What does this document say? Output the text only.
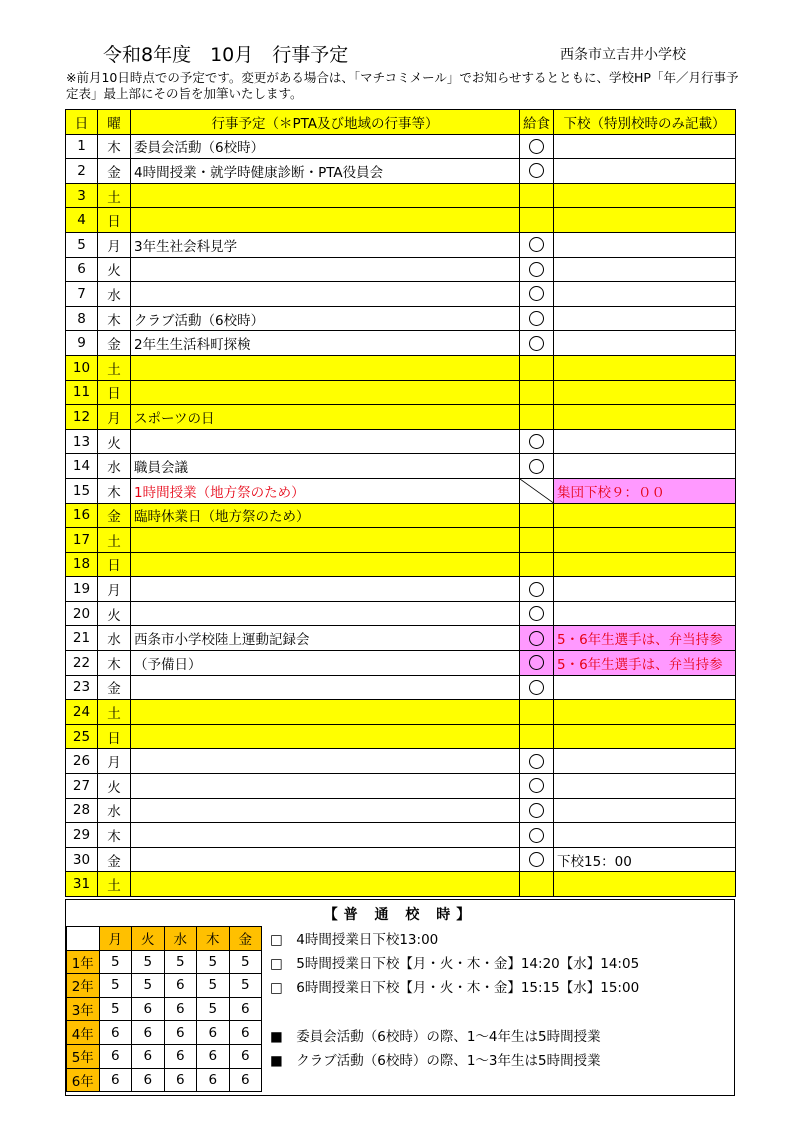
令和8年度　10月　行事予定	西条市立吉井小学校
※前月10日時点での予定です。変更がある場合は、「マチコミメール」でお知らせするとともに、学校HP「年／月行事予定表」最上部にその旨を加筆いたします。
日	曜	行事予定（＊PTA及び地域の行事等）	給食	下校（特別校時のみ記載）
1	木	委員会活動（6校時）		
2	金	4時間授業・就学時健康診断・PTA役員会		
3	土			
4	日			
5	月	3年生社会科見学		
6	火			
7	水			
8	木	クラブ活動（6校時）		
9	金	2年生生活科町探検		
10	土			
11	日			
12	月	スポーツの日		
13	火			
14	水	職員会議		
15	木	1時間授業（地方祭のため）		集団下校９：００
16	金	臨時休業日（地方祭のため）		
17	土			
18	日			
19	月			
20	火			
21	水	西条市小学校陸上運動記録会		5・6年生選手は、弁当持参
22	木	（予備日）		5・6年生選手は、弁当持参
23	金			
24	土			
25	日			
26	月			
27	火			
28	水			
29	木			
30	金			下校15：00
31	土			
【普 通 校 時】
	月	火	水	木	金
1年	5	5	5	5	5
2年	5	5	6	5	5
3年	5	6	6	5	6
4年	6	6	6	6	6
5年	6	6	6	6	6
6年	6	6	6	6	6
□　4時間授業日下校13:00
□　5時間授業日下校【月・火・木・金】14:20【水】14:05
□　6時間授業日下校【月・火・木・金】15:15【水】15:00
■　委員会活動（6校時）の際、1～4年生は5時間授業
■　クラブ活動（6校時）の際、1～3年生は5時間授業
